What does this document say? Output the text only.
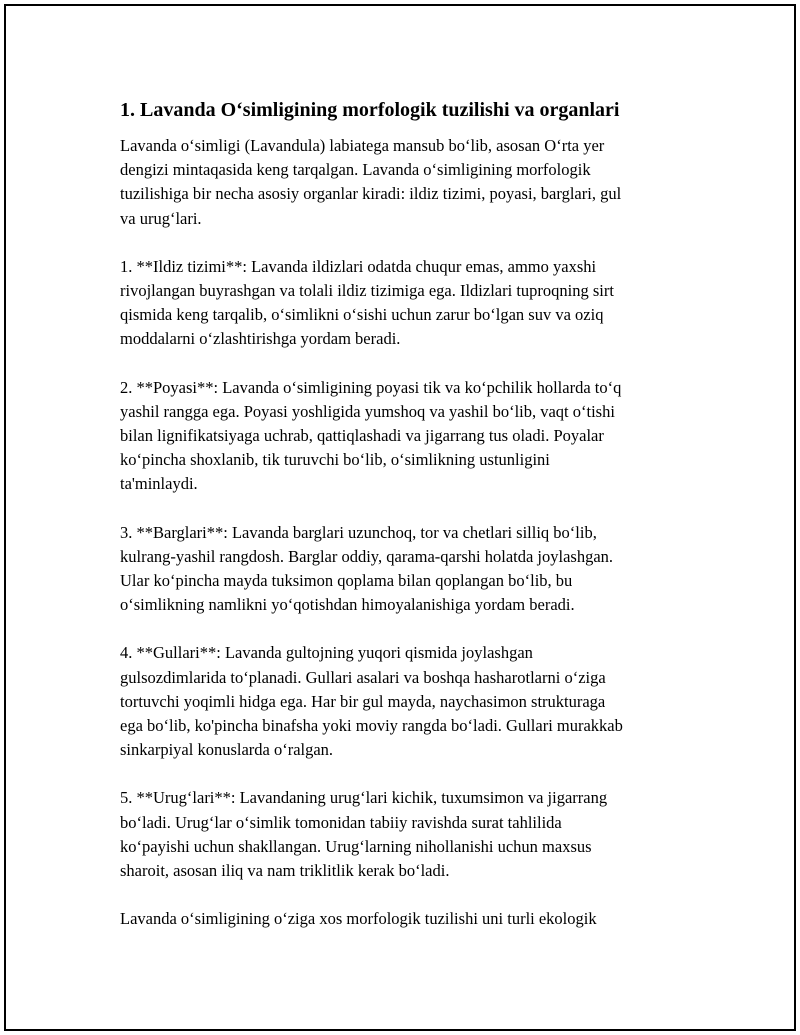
1. Lavanda O‘simligining morfologik tuzilishi va organlari

Lavanda o‘simligi (Lavandula) labiatega mansub bo‘lib, asosan O‘rta yer
dengizi mintaqasida keng tarqalgan. Lavanda o‘simligining morfologik
tuzilishiga bir necha asosiy organlar kiradi: ildiz tizimi, poyasi, barglari, gul
va urug‘lari.

1. **Ildiz tizimi**: Lavanda ildizlari odatda chuqur emas, ammo yaxshi
rivojlangan buyrashgan va tolali ildiz tizimiga ega. Ildizlari tuproqning sirt
qismida keng tarqalib, o‘simlikni o‘sishi uchun zarur bo‘lgan suv va oziq
moddalarni o‘zlashtirishga yordam beradi.

2. **Poyasi**: Lavanda o‘simligining poyasi tik va ko‘pchilik hollarda to‘q
yashil rangga ega. Poyasi yoshligida yumshoq va yashil bo‘lib, vaqt o‘tishi
bilan lignifikatsiyaga uchrab, qattiqlashadi va jigarrang tus oladi. Poyalar
ko‘pincha shoxlanib, tik turuvchi bo‘lib, o‘simlikning ustunligini
ta'minlaydi.

3. **Barglari**: Lavanda barglari uzunchoq, tor va chetlari silliq bo‘lib,
kulrang-yashil rangdosh. Barglar oddiy, qarama-qarshi holatda joylashgan.
Ular ko‘pincha mayda tuksimon qoplama bilan qoplangan bo‘lib, bu
o‘simlikning namlikni yo‘qotishdan himoyalanishiga yordam beradi.

4. **Gullari**: Lavanda gultojning yuqori qismida joylashgan
gulsozdimlarida to‘planadi. Gullari asalari va boshqa hasharotlarni o‘ziga
tortuvchi yoqimli hidga ega. Har bir gul mayda, naychasimon strukturaga
ega bo‘lib, ko'pincha binafsha yoki moviy rangda bo‘ladi. Gullari murakkab
sinkarpiyal konuslarda o‘ralgan.

5. **Urug‘lari**: Lavandaning urug‘lari kichik, tuxumsimon va jigarrang
bo‘ladi. Urug‘lar o‘simlik tomonidan tabiiy ravishda surat tahlilida
ko‘payishi uchun shakllangan. Urug‘larning nihollanishi uchun maxsus
sharoit, asosan iliq va nam triklitlik kerak bo‘ladi.

Lavanda o‘simligining o‘ziga xos morfologik tuzilishi uni turli ekologik
